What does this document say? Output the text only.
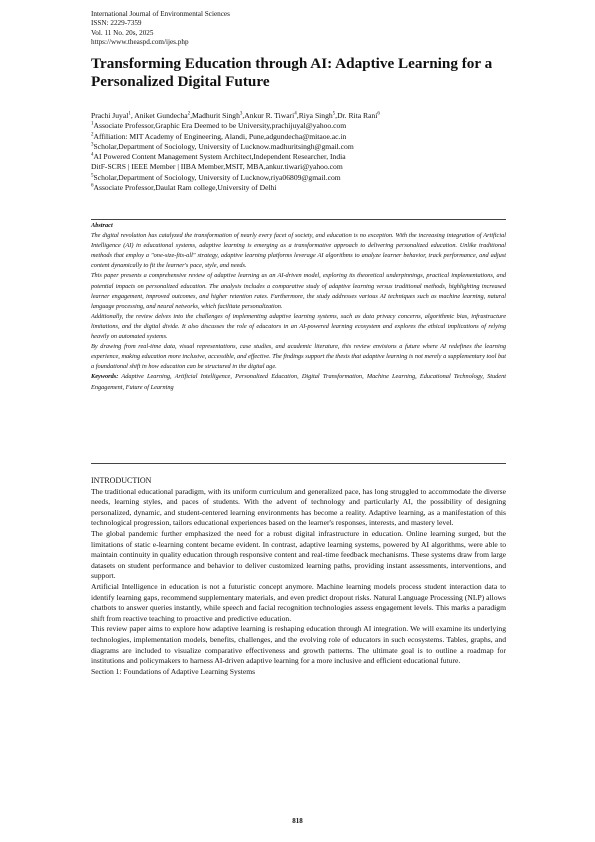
International Journal of Environmental Sciences
ISSN: 2229-7359
Vol. 11 No. 20s, 2025
https://www.theaspd.com/ijes.php
Transforming Education through AI: Adaptive Learning for a Personalized Digital Future
Prachi Juyal$^1$, Aniket Gundecha$^2$,Madhurit Singh$^3$,Ankur R. Tiwari$^4$,Riya Singh$^5$,Dr. Rita Rani$^6$
$^1$Associate Professor,Graphic Era Deemed to be University,prachijuyal@yahoo.com
$^2$Affiliation: MIT Academy of Engineering, Alandi, Pune,adgundecha@mitaoe.ac.in
$^3$Scholar,Department of Sociology, University of Lucknow.madhuritsingh@gmail.com
$^4$AI Powered Content Management System Architect,Independent Researcher, India
DitF-SCRS | IEEE Member | IIBA Member,MSIT, MBA,ankur.tiwari@yahoo.com
$^5$Scholar,Department of Sociology, University of Lucknow,riya06809@gmail.com
$^6$Associate Professor,Daulat Ram college,University of Delhi

Abstract

The digital revolution has catalyzed the transformation of nearly every facet of society, and education is no exception. With the increasing integration of Artificial Intelligence (AI) in educational systems, adaptive learning is emerging as a transformative approach to delivering personalized education. Unlike traditional methods that employ a "one-size-fits-all" strategy, adaptive learning platforms leverage AI algorithms to analyze learner behavior, track performance, and adjust content dynamically to fit the learner's pace, style, and needs.

This paper presents a comprehensive review of adaptive learning as an AI-driven model, exploring its theoretical underpinnings, practical implementations, and potential impacts on personalized education. The analysis includes a comparative study of adaptive learning versus traditional methods, highlighting increased learner engagement, improved outcomes, and higher retention rates. Furthermore, the study addresses various AI techniques such as machine learning, natural language processing, and neural networks, which facilitate personalization.

Additionally, the review delves into the challenges of implementing adaptive learning systems, such as data privacy concerns, algorithmic bias, infrastructure limitations, and the digital divide. It also discusses the role of educators in an AI-powered learning ecosystem and explores the ethical implications of relying heavily on automated systems.

By drawing from real-time data, visual representations, case studies, and academic literature, this review envisions a future where AI redefines the learning experience, making education more inclusive, accessible, and effective. The findings support the thesis that adaptive learning is not merely a supplementary tool but a foundational shift in how education can be structured in the digital age.

Keywords: Adaptive Learning, Artificial Intelligence, Personalized Education, Digital Transformation, Machine Learning, Educational Technology, Student Engagement, Future of Learning

INTRODUCTION

The traditional educational paradigm, with its uniform curriculum and generalized pace, has long struggled to accommodate the diverse needs, learning styles, and paces of students. With the advent of technology and particularly AI, the possibility of designing personalized, dynamic, and student-centered learning environments has become a reality. Adaptive learning, as a manifestation of this technological progression, tailors educational experiences based on the learner's responses, interests, and mastery level.

The global pandemic further emphasized the need for a robust digital infrastructure in education. Online learning surged, but the limitations of static e-learning content became evident. In contrast, adaptive learning systems, powered by AI algorithms, were able to maintain continuity in quality education through responsive content and real-time feedback mechanisms. These systems draw from large datasets on student performance and behavior to deliver customized learning paths, providing instant assessments, interventions, and support.

Artificial Intelligence in education is not a futuristic concept anymore. Machine learning models process student interaction data to identify learning gaps, recommend supplementary materials, and even predict dropout risks. Natural Language Processing (NLP) allows chatbots to answer queries instantly, while speech and facial recognition technologies assess engagement levels. This marks a paradigm shift from reactive teaching to proactive and predictive education.

This review paper aims to explore how adaptive learning is reshaping education through AI integration. We will examine its underlying technologies, implementation models, benefits, challenges, and the evolving role of educators in such ecosystems. Tables, graphs, and diagrams are included to visualize comparative effectiveness and growth patterns. The ultimate goal is to outline a roadmap for institutions and policymakers to harness AI-driven adaptive learning for a more inclusive and efficient educational future.

Section 1: Foundations of Adaptive Learning Systems

818
